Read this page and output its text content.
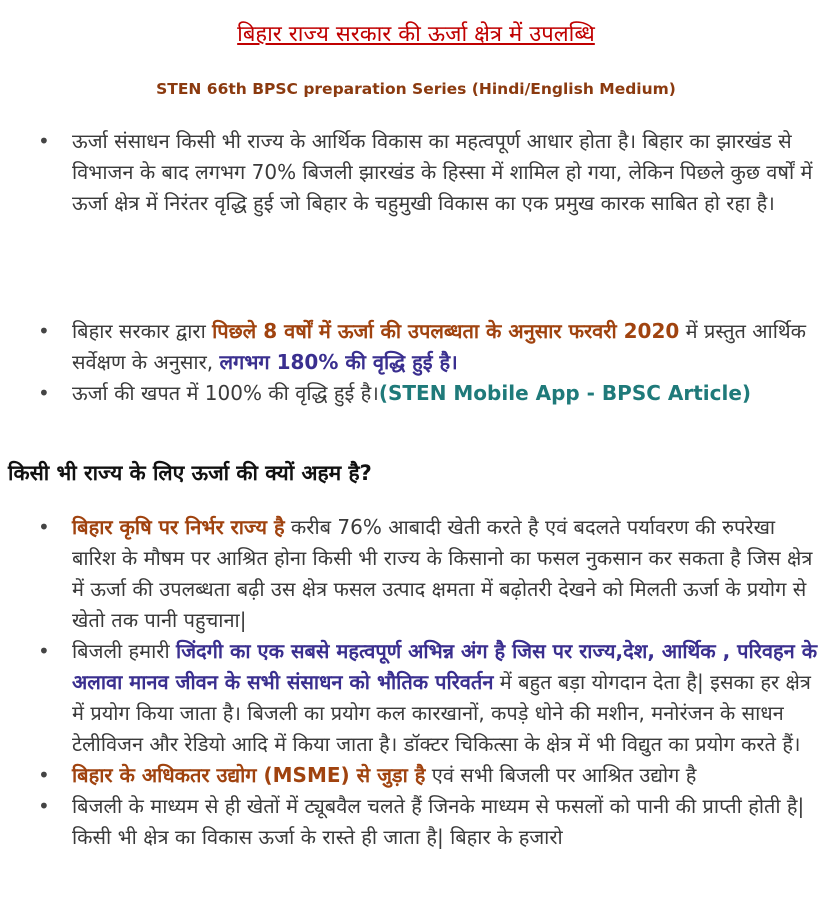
बिहार राज्य सरकार की ऊर्जा क्षेत्र में उपलब्धि
STEN 66th BPSC preparation Series (Hindi/English Medium)
• ऊर्जा संसाधन किसी भी राज्य के आर्थिक विकास का महत्वपूर्ण आधार होता है। बिहार का झारखंड से विभाजन के बाद लगभग 70% बिजली झारखंड के हिस्सा में शामिल हो गया, लेकिन पिछले कुछ वर्षों में ऊर्जा क्षेत्र में निरंतर वृद्धि हुई जो बिहार के चहुमुखी विकास का एक प्रमुख कारक साबित हो रहा है।
• बिहार सरकार द्वारा पिछले 8 वर्षों में ऊर्जा की उपलब्धता के अनुसार फरवरी 2020 में प्रस्तुत आर्थिक सर्वेक्षण के अनुसार, लगभग 180% की वृद्धि हुई है।
• ऊर्जा की खपत में 100% की वृद्धि हुई है।(STEN Mobile App - BPSC Article)
किसी भी राज्य के लिए ऊर्जा की क्यों अहम है?
• बिहार कृषि पर निर्भर राज्य है करीब 76% आबादी खेती करते है एवं बदलते पर्यावरण की रुपरेखा बारिश के मौषम पर आश्रित होना किसी भी राज्य के किसानो का फसल नुकसान कर सकता है जिस क्षेत्र में ऊर्जा की उपलब्धता बढ़ी उस क्षेत्र फसल उत्पाद क्षमता में बढ़ोतरी देखने को मिलती ऊर्जा के प्रयोग से खेतो तक पानी पहुचाना|
• बिजली हमारी जिंदगी का एक सबसे महत्वपूर्ण अभिन्न अंग है जिस पर राज्य,देश, आर्थिक , परिवहन के अलावा मानव जीवन के सभी संसाधन को भौतिक परिवर्तन में बहुत बड़ा योगदान देता है| इसका हर क्षेत्र में प्रयोग किया जाता है। बिजली का प्रयोग कल कारखानों, कपड़े धोने की मशीन, मनोरंजन के साधन टेलीविजन और रेडियो आदि में किया जाता है। डॉक्टर चिकित्सा के क्षेत्र में भी विद्युत का प्रयोग करते हैं।
• बिहार के अधिकतर उद्योग (MSME) से जुड़ा है एवं सभी बिजली पर आश्रित उद्योग है
• बिजली के माध्यम से ही खेतों में ट्यूबवैल चलते हैं जिनके माध्यम से फसलों को पानी की प्राप्ती होती है| किसी भी क्षेत्र का विकास ऊर्जा के रास्ते ही जाता है| बिहार के हजारो
